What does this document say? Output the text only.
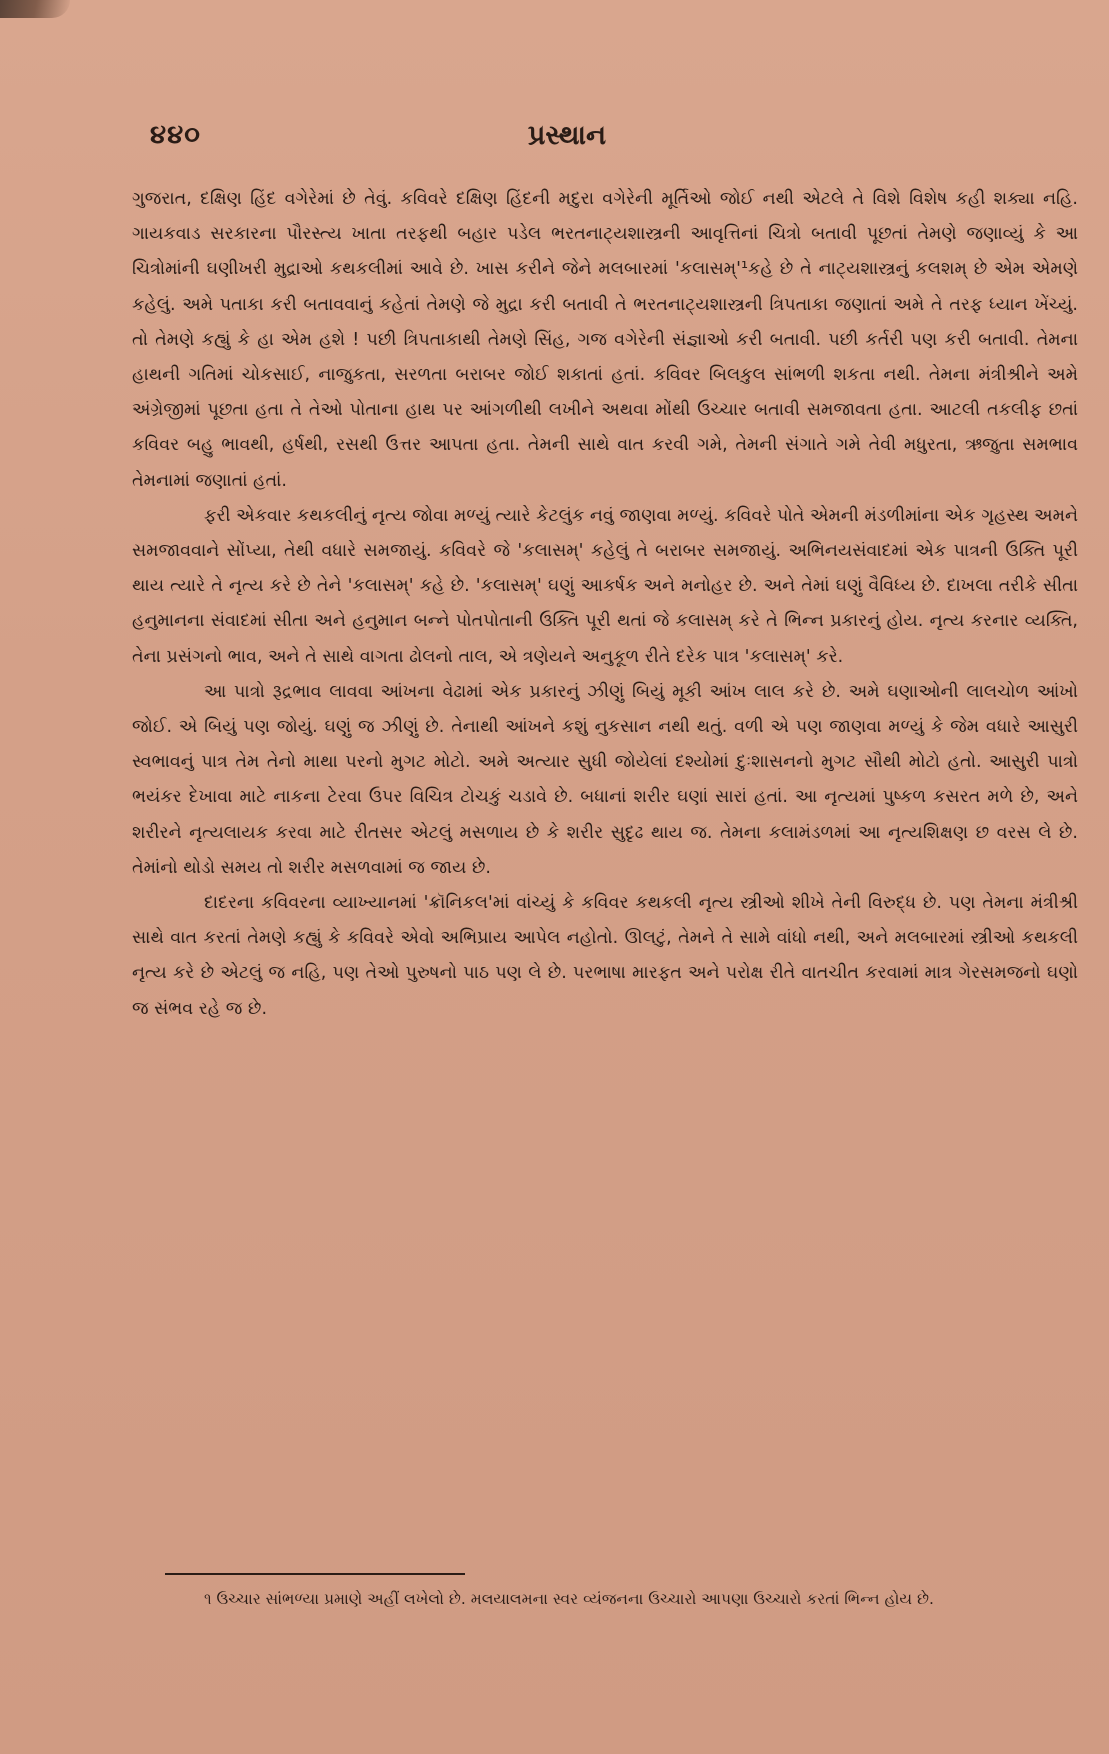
૪૪૦	પ્રસ્થાન

ગુજરાત, દક્ષિણ હિંદ વગેરેમાં છે તેવું. કવિવરે દક્ષિણ હિંદની મદુરા વગેરેની મૂર્તિઓ જોઈ નથી એટલે તે વિશે વિશેષ કહી શક્યા નહિ. ગાયકવાડ સરકારના પૌરસ્ત્ય ખાતા તરફથી બહાર પડેલ ભરતનાટ્યશાસ્ત્રની આવૃત્તિનાં ચિત્રો બતાવી પૂછતાં તેમણે જણાવ્યું કે આ ચિત્રોમાંની ઘણીખરી મુદ્રાઓ કથકલીમાં આવે છે. ખાસ કરીને જેને મલબારમાં 'કલાસમ્'¹કહે છે તે નાટ્યશાસ્ત્રનું કલશમ્ છે એમ એમણે કહેલું. અમે પતાકા કરી બતાવવાનું કહેતાં તેમણે જે મુદ્રા કરી બતાવી તે ભરતનાટ્યશાસ્ત્રની ત્રિપતાકા જણાતાં અમે તે તરફ ધ્યાન ખેંચ્યું. તો તેમણે કહ્યું કે હા એમ હશે ! પછી ત્રિપતાકાથી તેમણે સિંહ, ગજ વગેરેની સંજ્ઞાઓ કરી બતાવી. પછી કર્તરી પણ કરી બતાવી. તેમના હાથની ગતિમાં ચોકસાઈ, નાજુકતા, સરળતા બરાબર જોઈ શકાતાં હતાં. કવિવર બિલકુલ સાંભળી શકતા નથી. તેમના મંત્રીશ્રીને અમે અંગ્રેજીમાં પૂછતા હતા તે તેઓ પોતાના હાથ પર આંગળીથી લખીને અથવા મોંથી ઉચ્ચાર બતાવી સમજાવતા હતા. આટલી તકલીફ છતાં કવિવર બહુ ભાવથી, હર્ષથી, રસથી ઉત્તર આપતા હતા. તેમની સાથે વાત કરવી ગમે, તેમની સંગાતે ગમે તેવી મધુરતા, ઋજુતા સમભાવ તેમનામાં જણાતાં હતાં.

ફરી એકવાર કથકલીનું નૃત્ય જોવા મળ્યું ત્યારે કેટલુંક નવું જાણવા મળ્યું. કવિવરે પોતે એમની મંડળીમાંના એક ગૃહસ્થ અમને સમજાવવાને સોંપ્યા, તેથી વધારે સમજાયું. કવિવરે જે 'કલાસમ્' કહેલું તે બરાબર સમજાયું. અભિનયસંવાદમાં એક પાત્રની ઉક્તિ પૂરી થાય ત્યારે તે નૃત્ય કરે છે તેને 'કલાસમ્' કહે છે. 'કલાસમ્' ઘણું આકર્ષક અને મનોહર છે. અને તેમાં ઘણું વૈવિધ્ય છે. દાખલા તરીકે સીતા હનુમાનના સંવાદમાં સીતા અને હનુમાન બન્ને પોતપોતાની ઉક્તિ પૂરી થતાં જે કલાસમ્ કરે તે ભિન્ન પ્રકારનું હોય. નૃત્ય કરનાર વ્યક્તિ, તેના પ્રસંગનો ભાવ, અને તે સાથે વાગતા ઢોલનો તાલ, એ ત્રણેયને અનુકૂળ રીતે દરેક પાત્ર 'કલાસમ્' કરે.

આ પાત્રો રૂદ્રભાવ લાવવા આંખના વેઢામાં એક પ્રકારનું ઝીણું બિયું મૂકી આંખ લાલ કરે છે. અમે ઘણાઓની લાલચોળ આંખો જોઈ. એ બિયું પણ જોયું. ઘણું જ ઝીણું છે. તેનાથી આંખને કશું નુકસાન નથી થતું. વળી એ પણ જાણવા મળ્યું કે જેમ વધારે આસુરી સ્વભાવનું પાત્ર તેમ તેનો માથા પરનો મુગટ મોટો. અમે અત્યાર સુધી જોયેલાં દશ્યોમાં દુઃશાસનનો મુગટ સૌથી મોટો હતો. આસુરી પાત્રો ભયંકર દેખાવા માટે નાકના ટેરવા ઉપર વિચિત્ર ટોચકું ચડાવે છે. બધાનાં શરીર ઘણાં સારાં હતાં. આ નૃત્યમાં પુષ્કળ કસરત મળે છે, અને શરીરને નૃત્યલાયક કરવા માટે રીતસર એટલું મસળાય છે કે શરીર સુદૃઢ થાય જ. તેમના કલામંડળમાં આ નૃત્યશિક્ષણ છ વરસ લે છે. તેમાંનો થોડો સમય તો શરીર મસળવામાં જ જાય છે.

દાદરના કવિવરના વ્યાખ્યાનમાં 'ક્રૉનિકલ'માં વાંચ્યું કે કવિવર કથકલી નૃત્ય સ્ત્રીઓ શીખે તેની વિરુદ્ધ છે. પણ તેમના મંત્રીશ્રી સાથે વાત કરતાં તેમણે કહ્યું કે કવિવરે એવો અભિપ્રાય આપેલ નહોતો. ઊલટું, તેમને તે સામે વાંધો નથી, અને મલબારમાં સ્ત્રીઓ કથકલી નૃત્ય કરે છે એટલું જ નહિ, પણ તેઓ પુરુષનો પાઠ પણ લે છે. પરભાષા મારફત અને પરોક્ષ રીતે વાતચીત કરવામાં માત્ર ગેરસમજનો ઘણો જ સંભવ રહે જ છે.

૧ ઉચ્ચાર સાંભળ્યા પ્રમાણે અહીં લખેલો છે. મલયાલમના સ્વર વ્યંજનના ઉચ્ચારો આપણા ઉચ્ચારો કરતાં ભિન્ન હોય છે.
